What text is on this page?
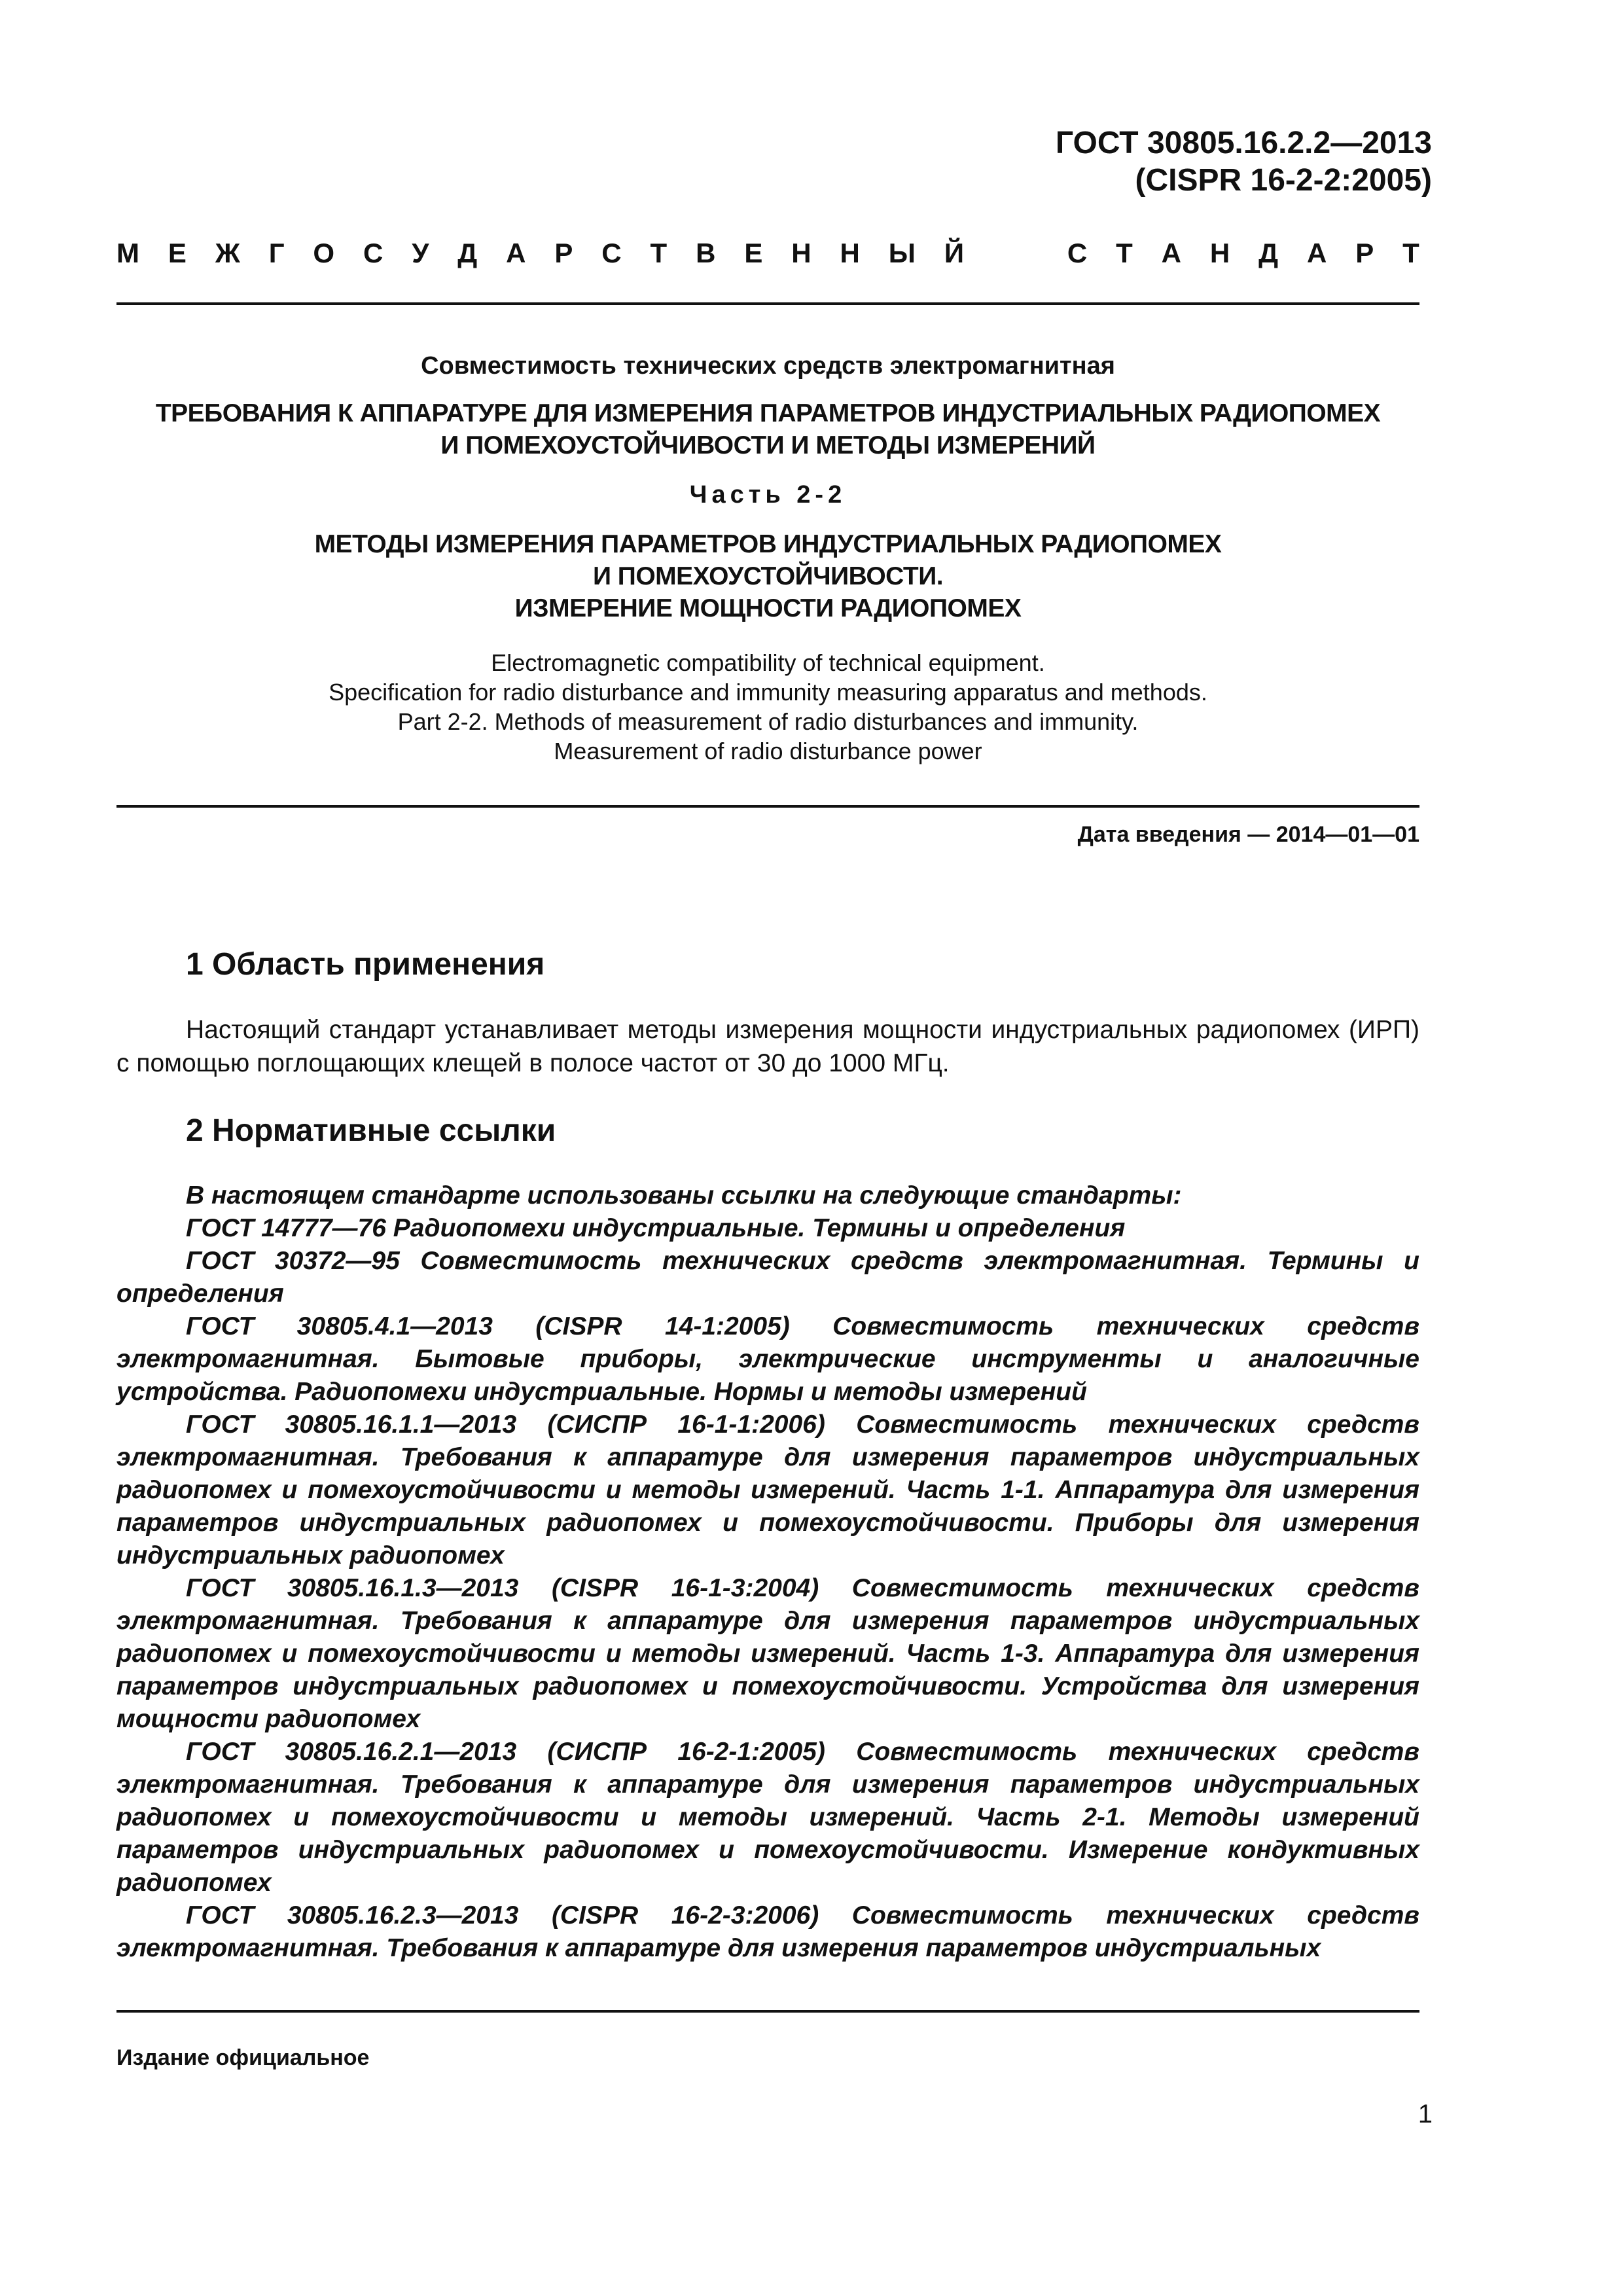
ГОСТ 30805.16.2.2—2013
(CISPR 16-2-2:2005)
М Е Ж Г О С У Д А Р С Т В Е Н Н Ы Й	С Т А Н Д А Р Т
Совместимость технических средств электромагнитная
ТРЕБОВАНИЯ К АППАРАТУРЕ ДЛЯ ИЗМЕРЕНИЯ ПАРАМЕТРОВ ИНДУСТРИАЛЬНЫХ РАДИОПОМЕХ
И ПОМЕХОУСТОЙЧИВОСТИ И МЕТОДЫ ИЗМЕРЕНИЙ
Часть 2-2
МЕТОДЫ ИЗМЕРЕНИЯ ПАРАМЕТРОВ ИНДУСТРИАЛЬНЫХ РАДИОПОМЕХ
И ПОМЕХОУСТОЙЧИВОСТИ.
ИЗМЕРЕНИЕ МОЩНОСТИ РАДИОПОМЕХ
Electromagnetic compatibility of technical equipment.
Specification for radio disturbance and immunity measuring apparatus and methods.
Part 2-2. Methods of measurement of radio disturbances and immunity.
Measurement of radio disturbance power
Дата введения — 2014—01—01
1 Область применения

Настоящий стандарт устанавливает методы измерения мощности индустриальных радиопомех (ИРП) с помощью поглощающих клещей в полосе частот от 30 до 1000 МГц.

2 Нормативные ссылки

В настоящем стандарте использованы ссылки на следующие стандарты:

ГОСТ 14777—76 Радиопомехи индустриальные. Термины и определения

ГОСТ 30372—95 Совместимость технических средств электромагнитная. Термины и определения

ГОСТ 30805.4.1—2013 (CISPR 14-1:2005) Совместимость технических средств электромагнитная. Бытовые приборы, электрические инструменты и аналогичные устройства. Радиопомехи индустриальные. Нормы и методы измерений

ГОСТ 30805.16.1.1—2013 (СИСПР 16-1-1:2006) Совместимость технических средств электромагнитная. Требования к аппаратуре для измерения параметров индустриальных радиопомех и помехоустойчивости и методы измерений. Часть 1-1. Аппаратура для измерения параметров индустриальных радиопомех и помехоустойчивости. Приборы для измерения индустриальных радиопомех

ГОСТ 30805.16.1.3—2013 (CISPR 16-1-3:2004) Совместимость технических средств электромагнитная. Требования к аппаратуре для измерения параметров индустриальных радиопомех и помехоустойчивости и методы измерений. Часть 1-3. Аппаратура для измерения параметров индустриальных радиопомех и помехоустойчивости. Устройства для измерения мощности радиопомех

ГОСТ 30805.16.2.1—2013 (СИСПР 16-2-1:2005) Совместимость технических средств электромагнитная. Требования к аппаратуре для измерения параметров индустриальных радиопомех и помехоустойчивости и методы измерений. Часть 2-1. Методы измерений параметров индустриальных радиопомех и помехоустойчивости. Измерение кондуктивных радиопомех

ГОСТ 30805.16.2.3—2013 (CISPR 16-2-3:2006) Совместимость технических средств электромагнитная. Требования к аппаратуре для измерения параметров индустриальных

Издание официальное
1
